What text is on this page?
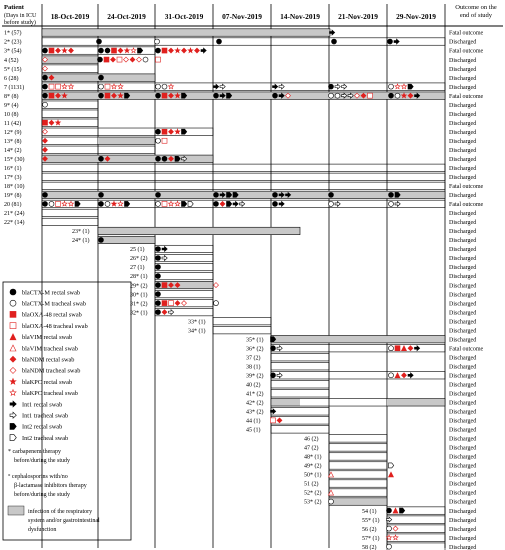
Patient
(Days in ICU
before study)
Outcome on the
end of study
18-Oct-2019 24-Oct-2019	31-Oct-2019	07-Nov-2019 14-Nov-2019 21-Nov-2019 29-Nov-2019
1* (57)	Fatal outcome
2* (23)	Discharged
3* (54)	Fatal outcome
4 (52)	Discharged
5* (15)	Discharged
6 (28)	Discharged
7 (1131)	Discharged
8* (8)	Fatal outcome
9* (4)	Discharged
10 (8)	Discharged
11 (42)	Discharged
12* (9)	Discharged
13* (8)	Discharged
14* (2)	Discharged
15* (30)	Discharged
16* (1)	Discharged
17* (3)	Discharged
18* (10)	Fatal outcome
19* (8)	Discharged
20 (81)	Fatal outcome
21* (24)	Discharged
22* (14)	Discharged
23* (1)	Discharged
24* (1)	Discharged
25 (1)	Discharged
26* (2)	Discharged
27 (1)	Discharged
28* (1)	Discharged
29* (2)	Discharged
30* (1)	Discharged
31* (2)	Discharged
32* (1)	Discharged
33* (1)	Discharged
34* (1)	Discharged
35* (1)	Discharged
36* (2)	Fatal outcome
37 (2)	Discharged
38 (1)	Discharged
39* (2)	Discharged
40 (2)	Discharged
41* (2)	Discharged
42* (2)	Discharged
43* (2)	Discharged
44 (1)	Discharged
45 (1)	Discharged
46 (2)	Discharged
47 (2)	Discharged
48* (1)	Discharged
49* (2)	Discharged
50* (1)	Discharged
51 (2)	Discharged
52* (2)	Discharged
53* (2)	Discharged
54 (1)	Discharged
55* (1)	Discharged
56 (2)	Discharged
57* (1)	Discharged
58 (2)	Discharged
blaCTX-M rectal swab
blaCTX-M tracheal swab
blaOXA-48 rectal swab
blaOXA-48 tracheal swab
blaVIM rectal swab
blaVIM tracheal swab
blaNDM rectal swab
blaNDM tracheal swab
blaKPC rectal swab
blaKPC tracheal swab
Int1 rectal swab
Int1 tracheal swab
Int2 rectal swab
Int2 tracheal swab
* carbapenem therapy
before/during the study
° cephalosporins with/no
β-lactamase inhibitors therapy
before/during the study
infection of the respiratory
system and/or gastrointestinal
dysfunction
